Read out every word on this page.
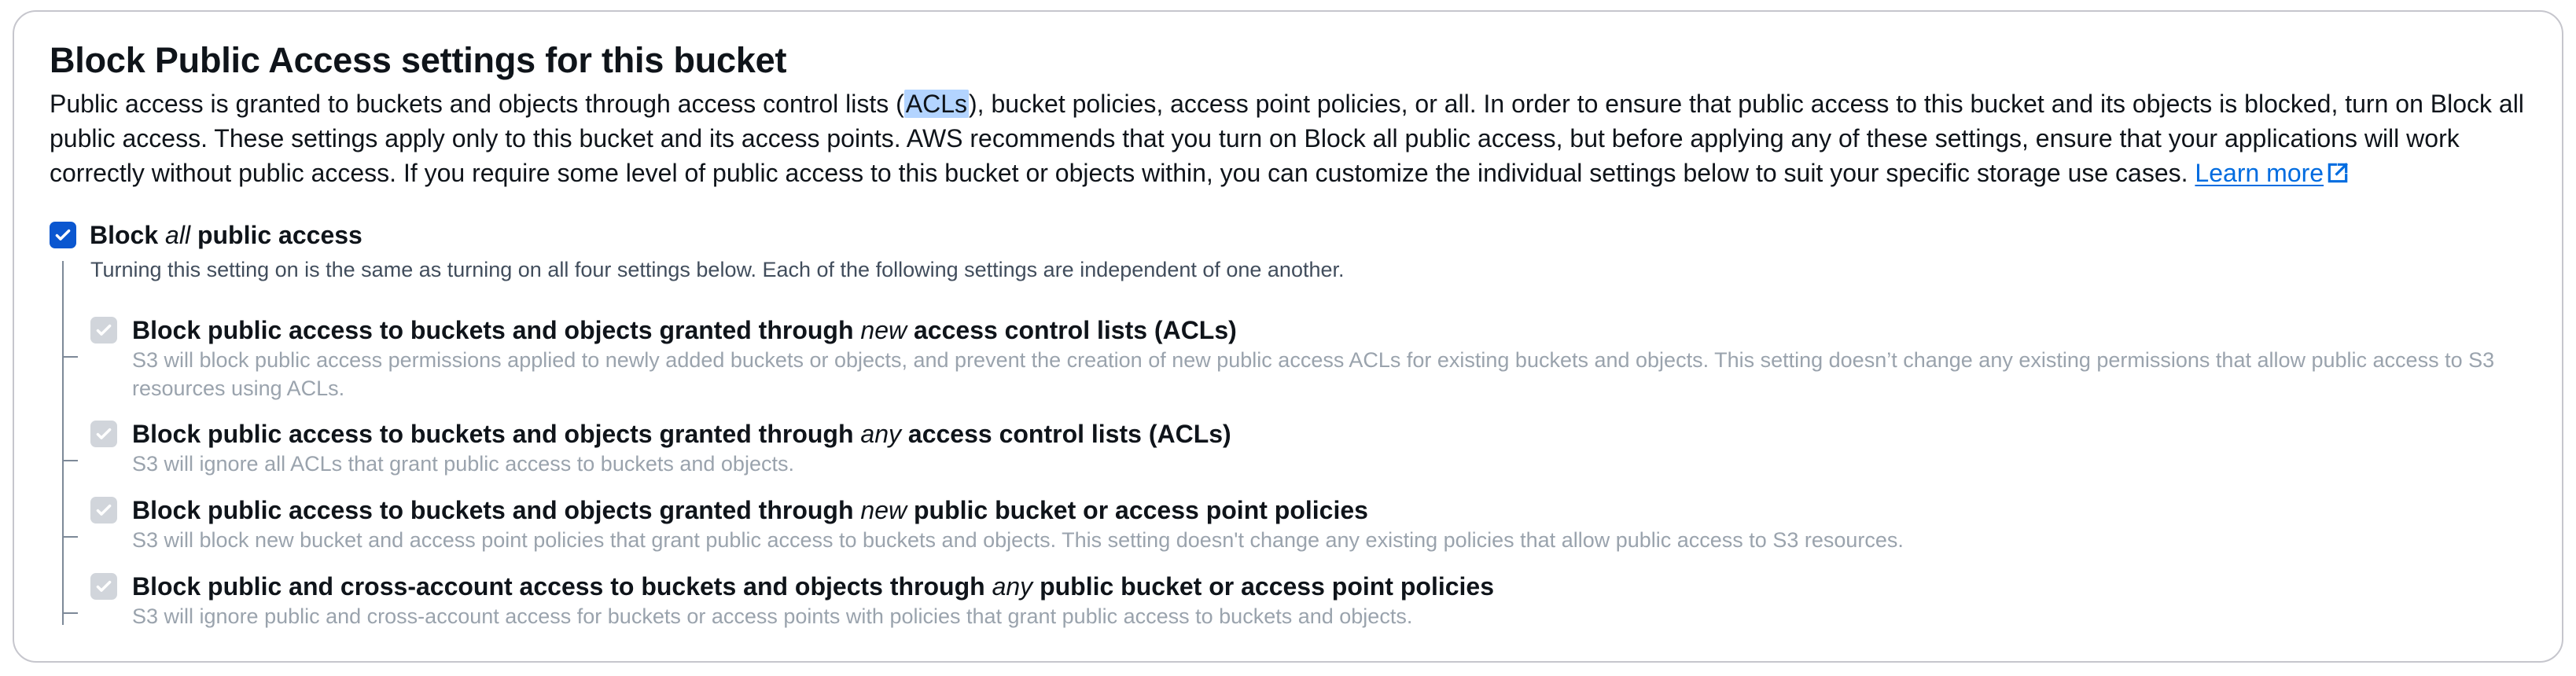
Block Public Access settings for this bucket
Public access is granted to buckets and objects through access control lists (ACLs), bucket policies, access point policies, or all. In order to ensure that public access to this bucket and its objects is blocked, turn on Block all public access. These settings apply only to this bucket and its access points. AWS recommends that you turn on Block all public access, but before applying any of these settings, ensure that your applications will work correctly without public access. If you require some level of public access to this bucket or objects within, you can customize the individual settings below to suit your specific storage use cases. Learn more
Block all public access
Turning this setting on is the same as turning on all four settings below. Each of the following settings are independent of one another.
Block public access to buckets and objects granted through new access control lists (ACLs)
S3 will block public access permissions applied to newly added buckets or objects, and prevent the creation of new public access ACLs for existing buckets and objects. This setting doesn’t change any existing permissions that allow public access to S3 resources using ACLs.
Block public access to buckets and objects granted through any access control lists (ACLs)
S3 will ignore all ACLs that grant public access to buckets and objects.
Block public access to buckets and objects granted through new public bucket or access point policies
S3 will block new bucket and access point policies that grant public access to buckets and objects. This setting doesn't change any existing policies that allow public access to S3 resources.
Block public and cross-account access to buckets and objects through any public bucket or access point policies
S3 will ignore public and cross-account access for buckets or access points with policies that grant public access to buckets and objects.
